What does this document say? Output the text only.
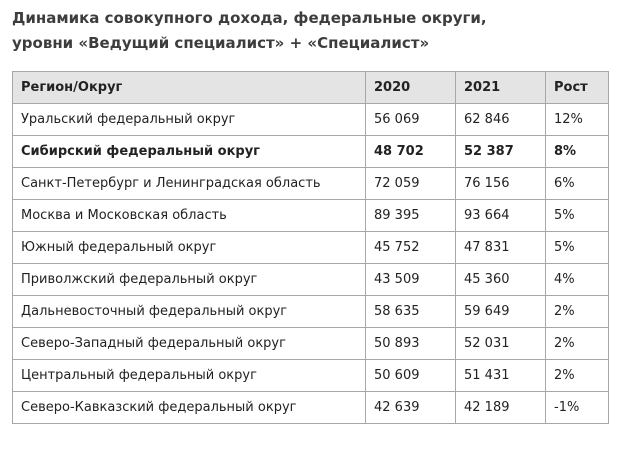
Динамика совокупного дохода, федеральные округи,
уровни «Ведущий специалист» + «Специалист»
Регион/Округ	2020	2021	Рост
Уральский федеральный округ	56 069	62 846	12%
Сибирский федеральный округ	48 702	52 387	8%
Санкт-Петербург и Ленинградская область	72 059	76 156	6%
Москва и Московская область	89 395	93 664	5%
Южный федеральный округ	45 752	47 831	5%
Приволжский федеральный округ	43 509	45 360	4%
Дальневосточный федеральный округ	58 635	59 649	2%
Северо-Западный федеральный округ	50 893	52 031	2%
Центральный федеральный округ	50 609	51 431	2%
Северо-Кавказский федеральный округ	42 639	42 189	-1%
